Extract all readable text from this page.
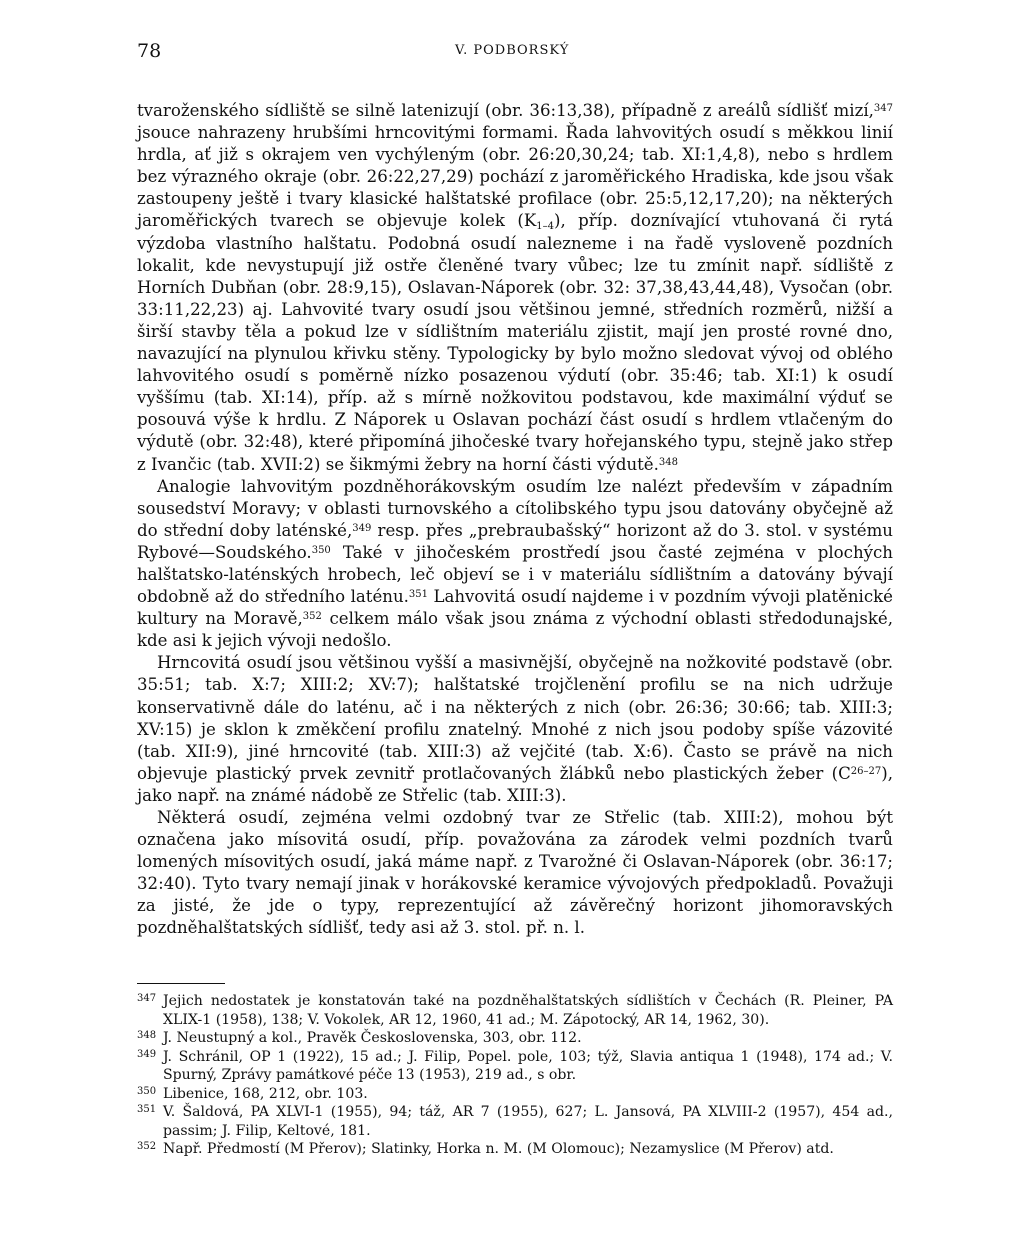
78	V. PODBORSKÝ

tvaroženského sídliště se silně latenizují (obr. 36:13,38), případně z areálů sídlišť mizí,$^{347}$ jsouce nahrazeny hrubšími hrncovitými formami. Řada lahvovitých osudí s měkkou linií hrdla, ať již s okrajem ven vychýleným (obr. 26:20,30,24; tab. XI:1,4,8), nebo s hrdlem bez výrazného okraje (obr. 26:22,27,29) pochází z jaroměřického Hradiska, kde jsou však zastoupeny ještě i tvary klasické halštatské profilace (obr. 25:5,12,17,20); na některých jaroměřických tvarech se objevuje kolek $(K_{1-4})$, příp. doznívající vtuhovaná či rytá výzdoba vlastního halštatu. Podobná osudí nalezneme i na řadě vysloveně pozdních lokalit, kde nevystupují již ostře členěné tvary vůbec; lze tu zmínit např. sídliště z Horních Dubňan (obr. 28:9,15), Oslavan-Náporek (obr. 32: 37,38,43,44,48), Vysočan (obr. 33:11,22,23) aj. Lahvovité tvary osudí jsou většinou jemné, středních rozměrů, nižší a širší stavby těla a pokud lze v sídlištním materiálu zjistit, mají jen prosté rovné dno, navazující na plynulou křivku stěny. Typologicky by bylo možno sledovat vývoj od oblého lahvovitého osudí s poměrně nízko posazenou výdutí (obr. 35:46; tab. XI:1) k osudí vyššímu (tab. XI:14), příp. až s mírně nožkovitou podstavou, kde maximální výduť se posouvá výše k hrdlu. Z Náporek u Oslavan pochází část osudí s hrdlem vtlačeným do výdutě (obr. 32:48), které připomíná jihočeské tvary hořejanského typu, stejně jako střep z Ivančic (tab. XVII:2) se šikmými žebry na horní části výdutě.$^{348}$

Analogie lahvovitým pozdněhorákovským osudím lze nalézt především v západním sousedství Moravy; v oblasti turnovského a cítolibského typu jsou datovány obyčejně až do střední doby laténské,$^{349}$ resp. přes „prebraubašský“ horizont až do 3. stol. v systému Rybové—Soudského.$^{350}$ Také v jihočeském prostředí jsou časté zejména v plochých halštatsko-laténských hrobech, leč objeví se i v materiálu sídlištním a datovány bývají obdobně až do středního laténu.$^{351}$ Lahvovitá osudí najdeme i v pozdním vývoji platěnické kultury na Moravě,$^{352}$ celkem málo však jsou známa z východní oblasti středodunajské, kde asi k jejich vývoji nedošlo.

Hrncovitá osudí jsou většinou vyšší a masivnější, obyčejně na nožkovité podstavě (obr. 35:51; tab. X:7; XIII:2; XV:7); halštatské trojčlenění profilu se na nich udržuje konservativně dále do laténu, ač i na některých z nich (obr. 26:36; 30:66; tab. XIII:3; XV:15) je sklon k změkčení profilu znatelný. Mnohé z nich jsou podoby spíše vázovité (tab. XII:9), jiné hrncovité (tab. XIII:3) až vejčité (tab. X:6). Často se právě na nich objevuje plastický prvek zevnitř protlačovaných žlábků nebo plastických žeber $(C^{26-27})$, jako např. na známé nádobě ze Střelic (tab. XIII:3).

Některá osudí, zejména velmi ozdobný tvar ze Střelic (tab. XIII:2), mohou být označena jako mísovitá osudí, příp. považována za zárodek velmi pozdních tvarů lomených mísovitých osudí, jaká máme např. z Tvarožné či Oslavan-Náporek (obr. 36:17; 32:40). Tyto tvary nemají jinak v horákovské keramice vývojových předpokladů. Považuji za jisté, že jde o typy, reprezentující až závěrečný horizont jihomoravských pozdněhalštatských sídlišť, tedy asi až 3. stol. př. n. l.

347 Jejich nedostatek je konstatován také na pozdněhalštatských sídlištích v Čechách (R. Pleiner, PA XLIX-1 (1958), 138; V. Vokolek, AR 12, 1960, 41 ad.; M. Zápotocký, AR 14, 1962, 30).
348 J. Neustupný a kol., Pravěk Československa, 303, obr. 112.
349 J. Schránil, OP 1 (1922), 15 ad.; J. Filip, Popel. pole, 103; týž, Slavia antiqua 1 (1948), 174 ad.; V. Spurný, Zprávy památkové péče 13 (1953), 219 ad., s obr.
350 Libenice, 168, 212, obr. 103.
351 V. Šaldová, PA XLVI-1 (1955), 94; táž, AR 7 (1955), 627; L. Jansová, PA XLVIII-2 (1957), 454 ad., passim; J. Filip, Keltové, 181.
352 Např. Předmostí (M Přerov); Slatinky, Horka n. M. (M Olomouc); Nezamyslice (M Přerov) atd.
